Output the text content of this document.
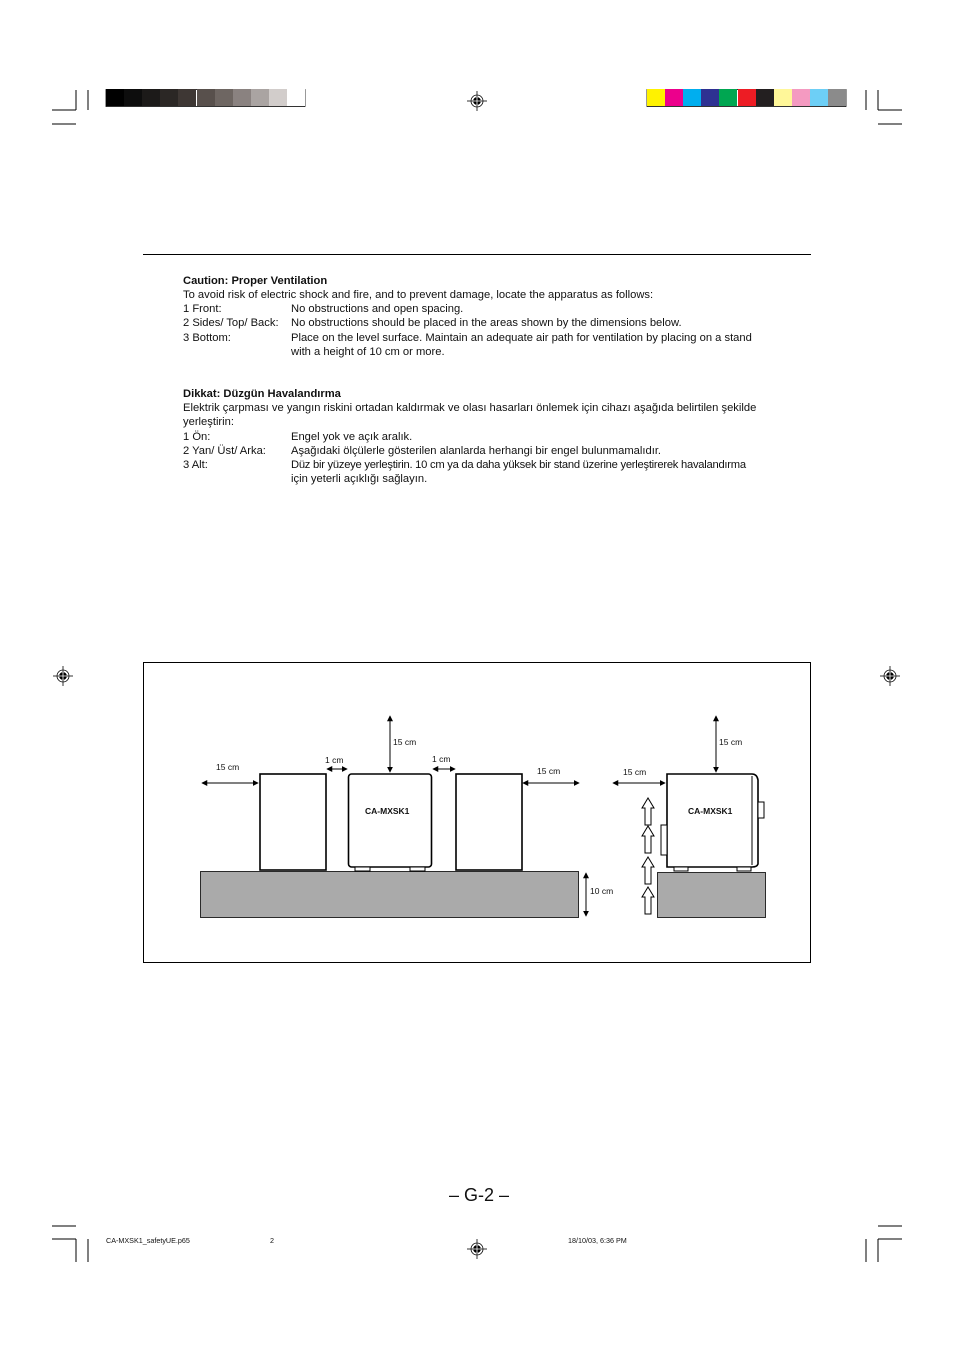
Caution: Proper Ventilation
To avoid risk of electric shock and fire, and to prevent damage, locate the apparatus as follows:
1 Front:	No obstructions and open spacing.
2 Sides/ Top/ Back: No obstructions should be placed in the areas shown by the dimensions below.
3 Bottom:	Place on the level surface. Maintain an adequate air path for ventilation by placing on a stand
with a height of 10 cm or more.
Dikkat: Düzgün Havalandırma
Elektrik çarpması ve yangın riskini ortadan kaldırmak ve olası hasarları önlemek için cihazı aşağıda belirtilen şekilde
yerleştirin:
1 Ön:	Engel yok ve açık aralık.
2 Yan/ Üst/ Arka: Aşağıdaki ölçülerle gösterilen alanlarda herhangi bir engel bulunmamalıdır.
3 Alt:	Düz bir yüzeye yerleştirin. 10 cm ya da daha yüksek bir stand üzerine yerleştirerek havalandırma
için yeterli açıklığı sağlayın.
15 cm
1 cm
15 cm
1 cm
15 cm
10 cm
15 cm
15 cm
CA-MXSK1	CA-MXSK1
– G-2 –
CA-MXSK1_safetyUE.p65	2	18/10/03, 6:36 PM
